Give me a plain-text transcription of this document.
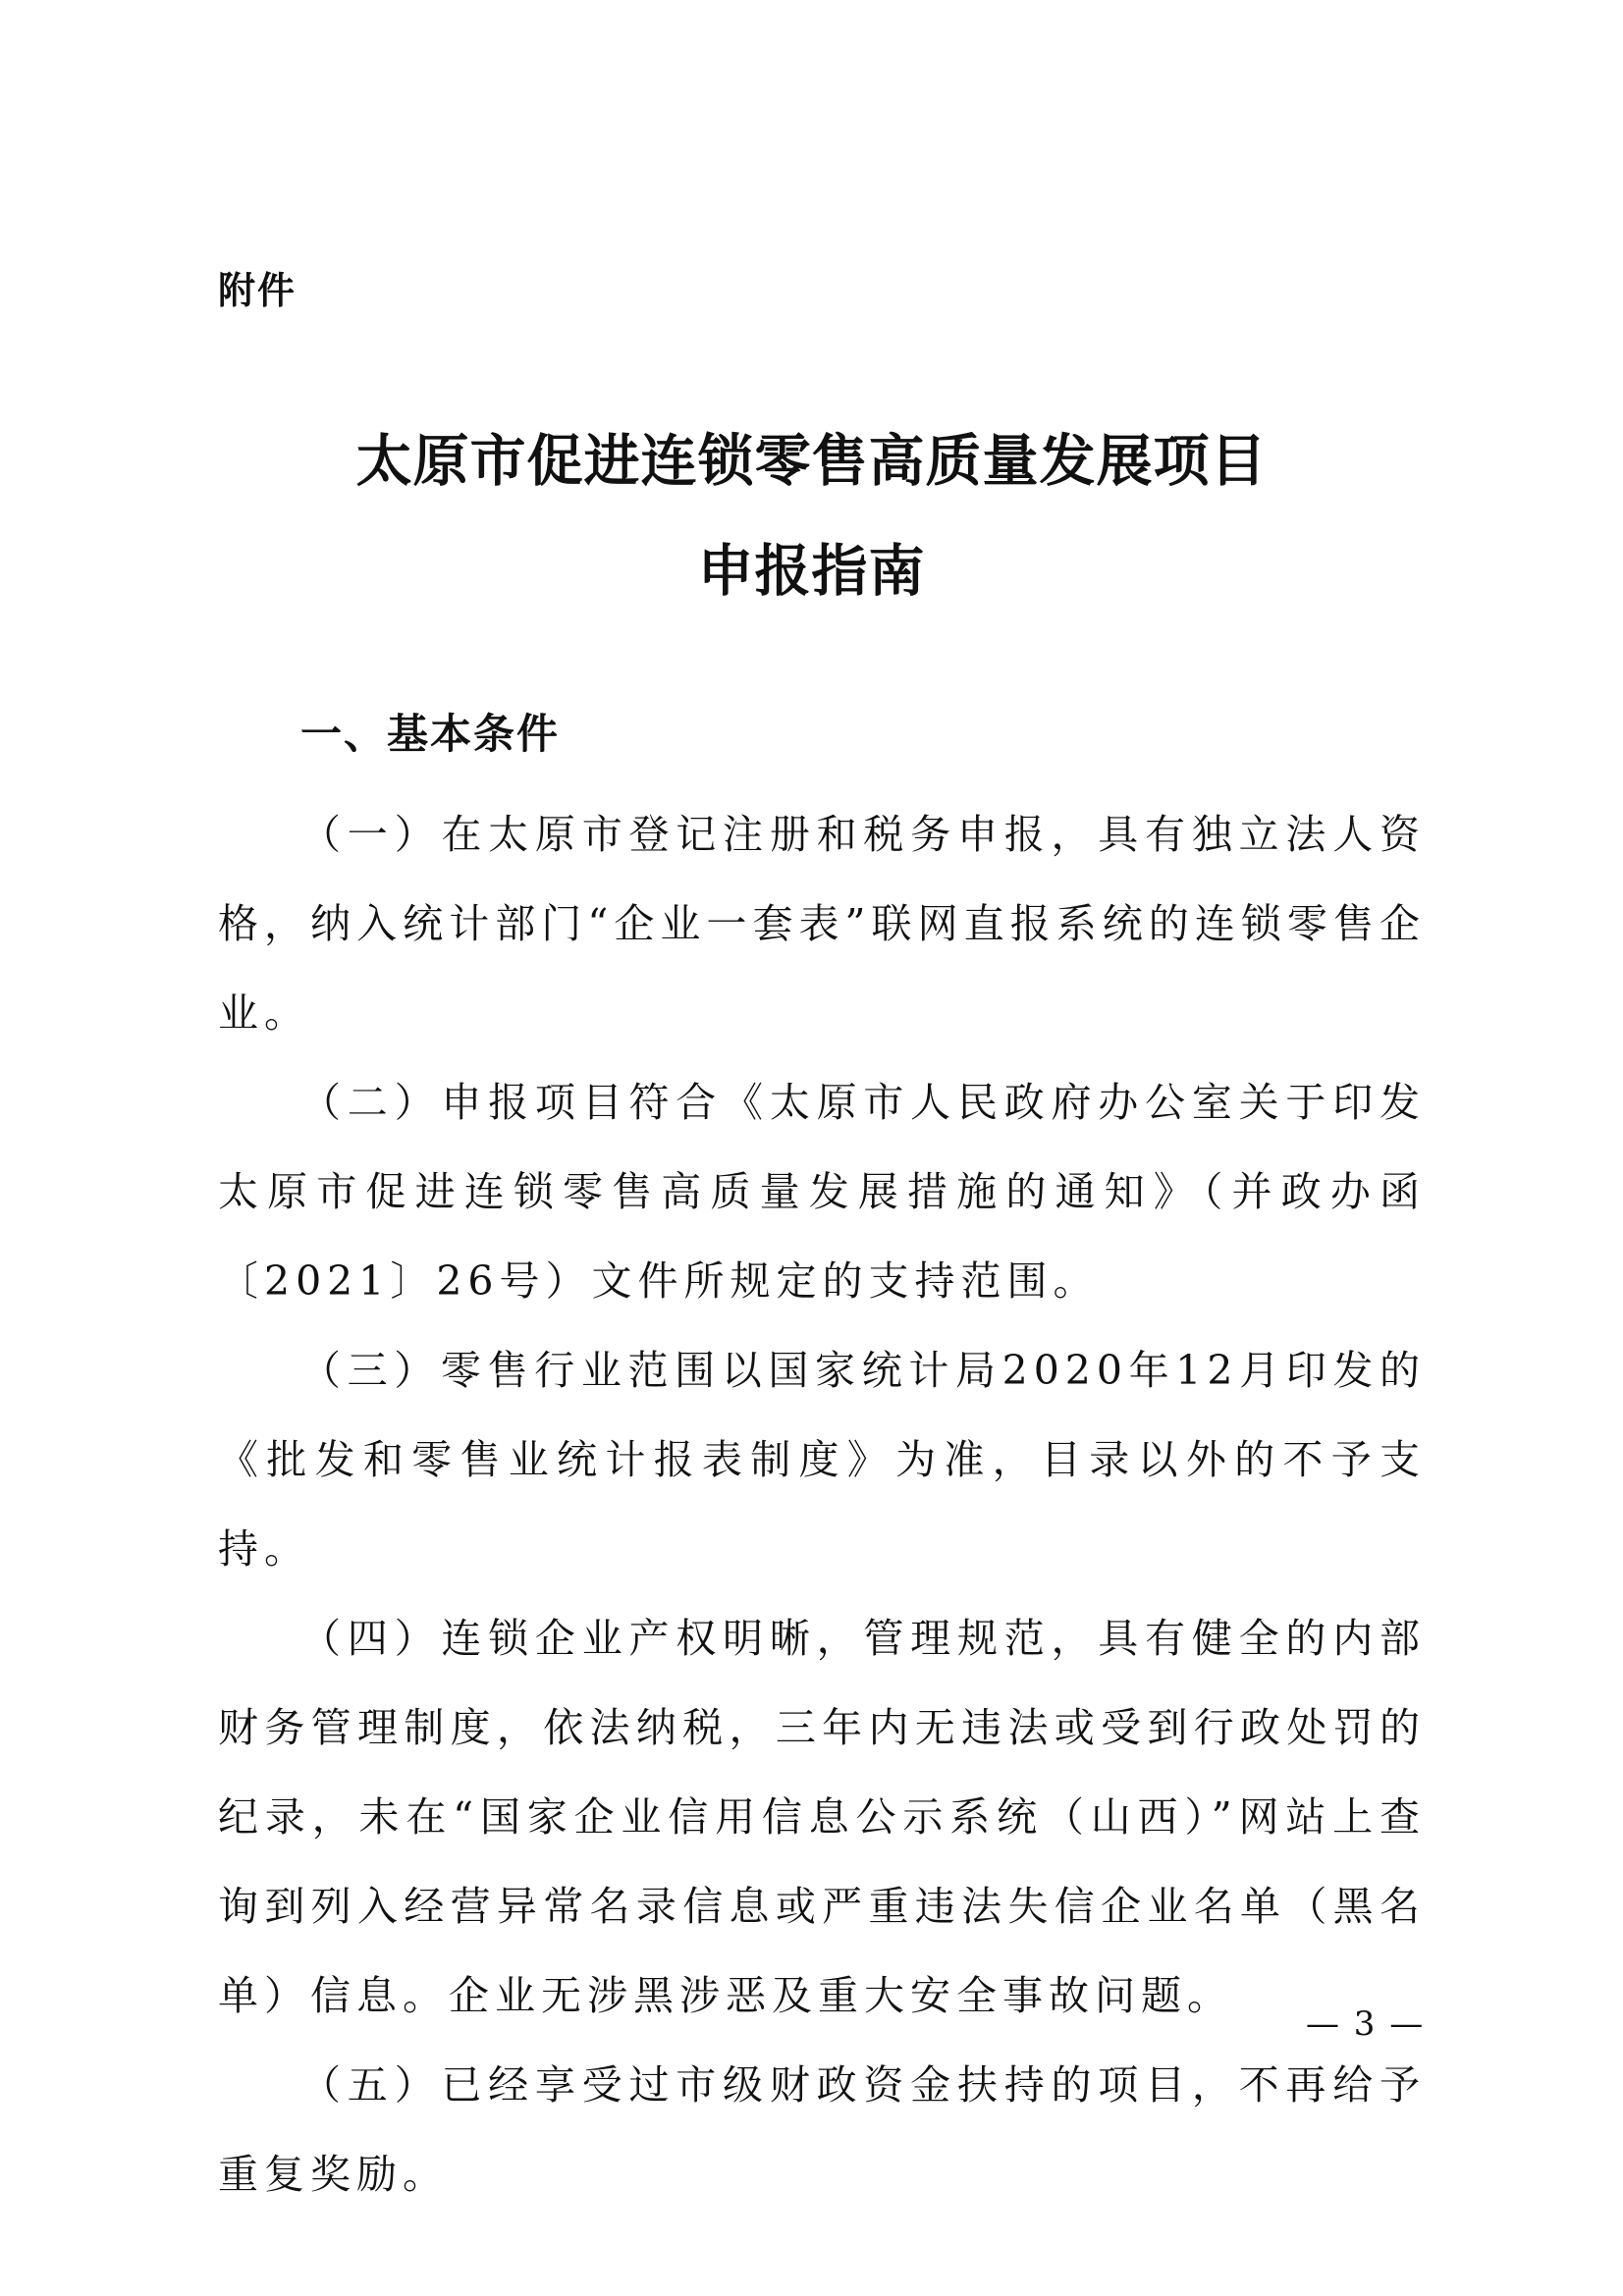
附件
太原市促进连锁零售高质量发展项目
申报指南
一、基本条件

（一）在太原市登记注册和税务申报，具有独立法人资格，纳入统计部门“企业一套表”联网直报系统的连锁零售企业。

（二）申报项目符合《太原市人民政府办公室关于印发太原市促进连锁零售高质量发展措施的通知》（并政办函〔2021〕26号）文件所规定的支持范围。

（三）零售行业范围以国家统计局2020年12月印发的《批发和零售业统计报表制度》为准，目录以外的不予支持。

（四）连锁企业产权明晰，管理规范，具有健全的内部财务管理制度，依法纳税，三年内无违法或受到行政处罚的纪录，未在“国家企业信用信息公示系统（山西）”网站上查询到列入经营异常名录信息或严重违法失信企业名单（黑名单）信息。企业无涉黑涉恶及重大安全事故问题。

（五）已经享受过市级财政资金扶持的项目，不再给予重复奖励。

— 3 —
